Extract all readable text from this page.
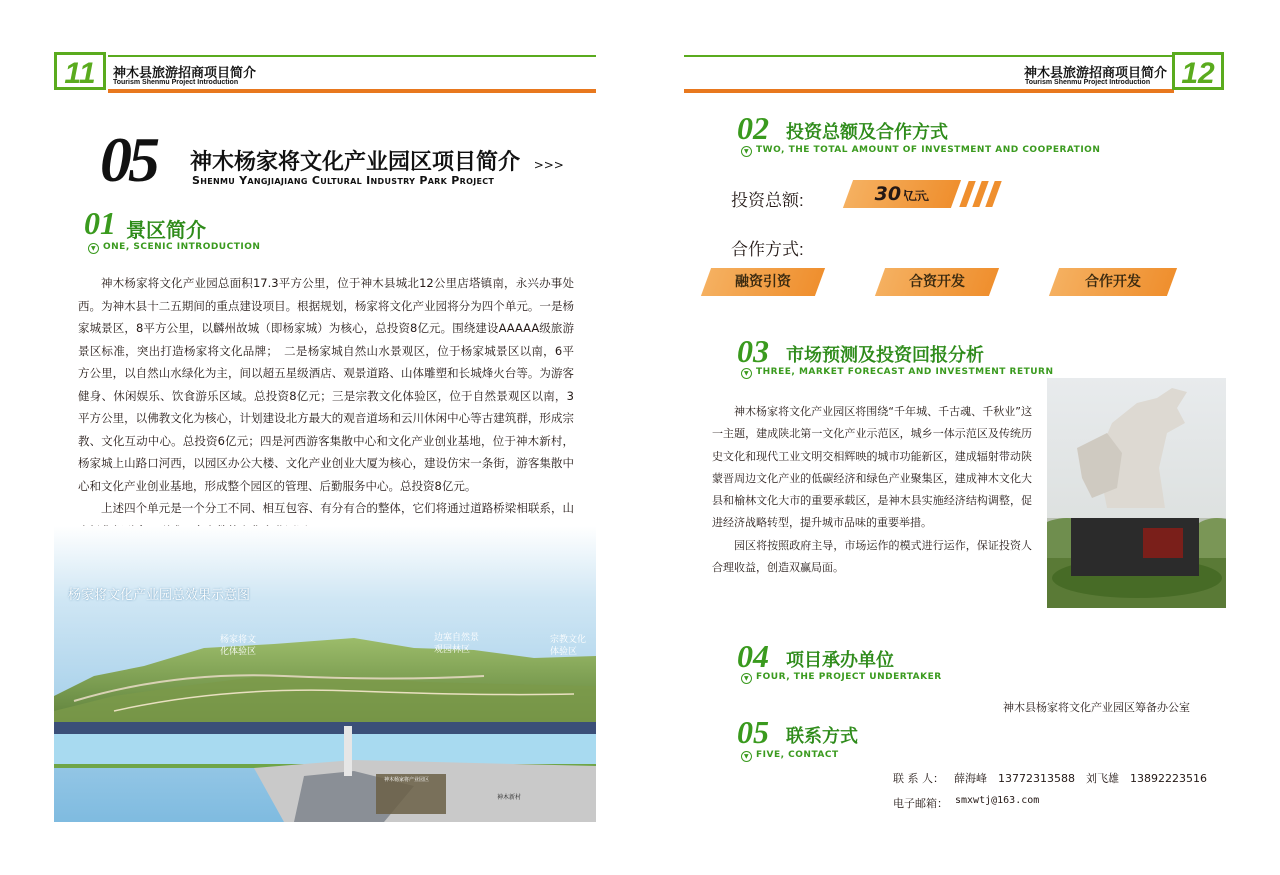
11	神木县旅游招商项目简介
Tourism Shenmu Project Introduction
05 神木杨家将文化产业园区项目简介 >>>
Shenmu Yangjiajiang Cultural Industry Park Project
01 景区简介
▼ ONE, SCENIC INTRODUCTION

神木杨家将文化产业园总面积17.3平方公里，位于神木县城北12公里店塔镇南，永兴办事处西。为神木县十二五期间的重点建设项目。根据规划，杨家将文化产业园将分为四个单元。一是杨家城景区，8平方公里，以麟州故城（即杨家城）为核心，总投资8亿元。围绕建设AAAAA级旅游景区标准，突出打造杨家将文化品牌；　二是杨家城自然山水景观区，位于杨家城景区以南，6平方公里，以自然山水绿化为主，间以超五星级酒店、观景道路、山体雕塑和长城烽火台等。为游客健身、休闲娱乐、饮食游乐区域。总投资8亿元；三是宗教文化体验区，位于自然景观区以南，3平方公里，以佛教文化为核心，计划建设北方最大的观音道场和云川休闲中心等古建筑群，形成宗教、文化互动中心。总投资6亿元；四是河西游客集散中心和文化产业创业基地，位于神木新村，杨家城上山路口河西，以园区办公大楼、文化产业创业大厦为核心，建设仿宋一条街，游客集散中心和文化产业创业基地，形成整个园区的管理、后勤服务中心。总投资8亿元。

上述四个单元是一个分工不同、相互包容、有分有合的整体，它们将通过道路桥梁相联系，山

杨家将文化产业园总效果示意图
杨家将文化体验区
边塞自然景观园林区
宗教文化体验区
神木新村
神木杨家将产业园区
神木县旅游招商项目简介
Tourism Shenmu Project Introduction	12
02 投资总额及合作方式
▼ TWO, THE TOTAL AMOUNT OF INVESTMENT AND COOPERATION
投资总额:	30亿元
合作方式:
融资引资	合资开发	合作开发
03 市场预测及投资回报分析
▼ THREE, MARKET FORECAST AND INVESTMENT RETURN

神木杨家将文化产业园区将围绕“千年城、千古魂、千秋业”这一主题，建成陕北第一文化产业示范区，城乡一体示范区及传统历史文化和现代工业文明交相辉映的城市功能新区，建成辐射带动陕蒙晋周边文化产业的低碳经济和绿色产业聚集区，建成神木文化大县和榆林文化大市的重要承载区，是神木县实施经济结构调整，促进经济战略转型，提升城市品味的重要举措。

园区将按照政府主导，市场运作的模式进行运作，保证投资人合理收益，创造双赢局面。

04 项目承办单位
▼ FOUR, THE PROJECT UNDERTAKER
神木县杨家将文化产业园区筹备办公室
05 联系方式
▼ FIVE, CONTACT
联 系 人： 薛海峰　13772313588 刘飞雄　13892223516
电子邮箱： smxwtj@163.com
